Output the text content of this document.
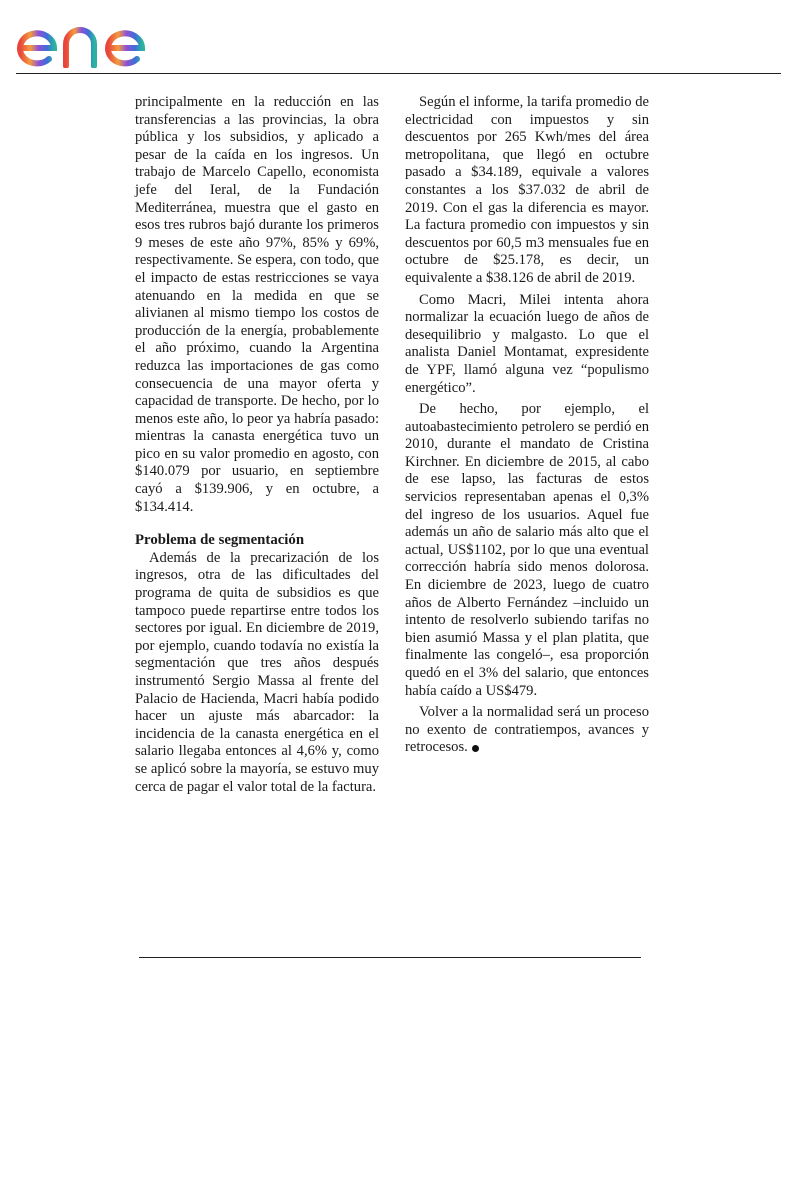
principalmente en la reducción en las transferencias a las provincias, la obra pública y los subsidios, y aplicado a pesar de la caída en los ingresos. Un trabajo de Marcelo Capello, economista jefe del Ieral, de la Fundación Mediterránea, muestra que el gasto en esos tres rubros bajó durante los primeros 9 meses de este año 97%, 85% y 69%, respectivamente. Se espera, con todo, que el impacto de estas restricciones se vaya atenuando en la medida en que se alivianen al mismo tiempo los costos de producción de la energía, probablemente el año próximo, cuando la Argentina reduzca las importaciones de gas como consecuencia de una mayor oferta y capacidad de transporte. De hecho, por lo menos este año, lo peor ya habría pasado: mientras la canasta energética tuvo un pico en su valor promedio en agosto, con $140.079 por usuario, en septiembre cayó a $139.906, y en octubre, a $134.414.

Problema de segmentación

Además de la precarización de los ingresos, otra de las dificultades del programa de quita de subsidios es que tampoco puede repartirse entre todos los sectores por igual. En diciembre de 2019, por ejemplo, cuando todavía no existía la segmentación que tres años después instrumentó Sergio Massa al frente del Palacio de Hacienda, Macri había podido hacer un ajuste más abarcador: la incidencia de la canasta energética en el salario llegaba entonces al 4,6% y, como se aplicó sobre la mayoría, se estuvo muy cerca de pagar el valor total de la factura.

Según el informe, la tarifa promedio de electricidad con impuestos y sin descuentos por 265 Kwh/mes del área metropolitana, que llegó en octubre pasado a $34.189, equivale a valores constantes a los $37.032 de abril de 2019. Con el gas la diferencia es mayor. La factura promedio con impuestos y sin descuentos por 60,5 m3 mensuales fue en octubre de $25.178, es decir, un equivalente a $38.126 de abril de 2019.

Como Macri, Milei intenta ahora normalizar la ecuación luego de años de desequilibrio y malgasto. Lo que el analista Daniel Montamat, expresidente de YPF, llamó alguna vez “populismo energético”.

De hecho, por ejemplo, el autoabastecimiento petrolero se perdió en 2010, durante el mandato de Cristina Kirchner. En diciembre de 2015, al cabo de ese lapso, las facturas de estos servicios representaban apenas el 0,3% del ingreso de los usuarios. Aquel fue además un año de salario más alto que el actual, US$1102, por lo que una eventual corrección habría sido menos dolorosa. En diciembre de 2023, luego de cuatro años de Alberto Fernández –incluido un intento de resolverlo subiendo tarifas no bien asumió Massa y el plan platita, que finalmente las congeló–, esa proporción quedó en el 3% del salario, que entonces había caído a US$479.

Volver a la normalidad será un proceso no exento de contratiempos, avances y retrocesos.
